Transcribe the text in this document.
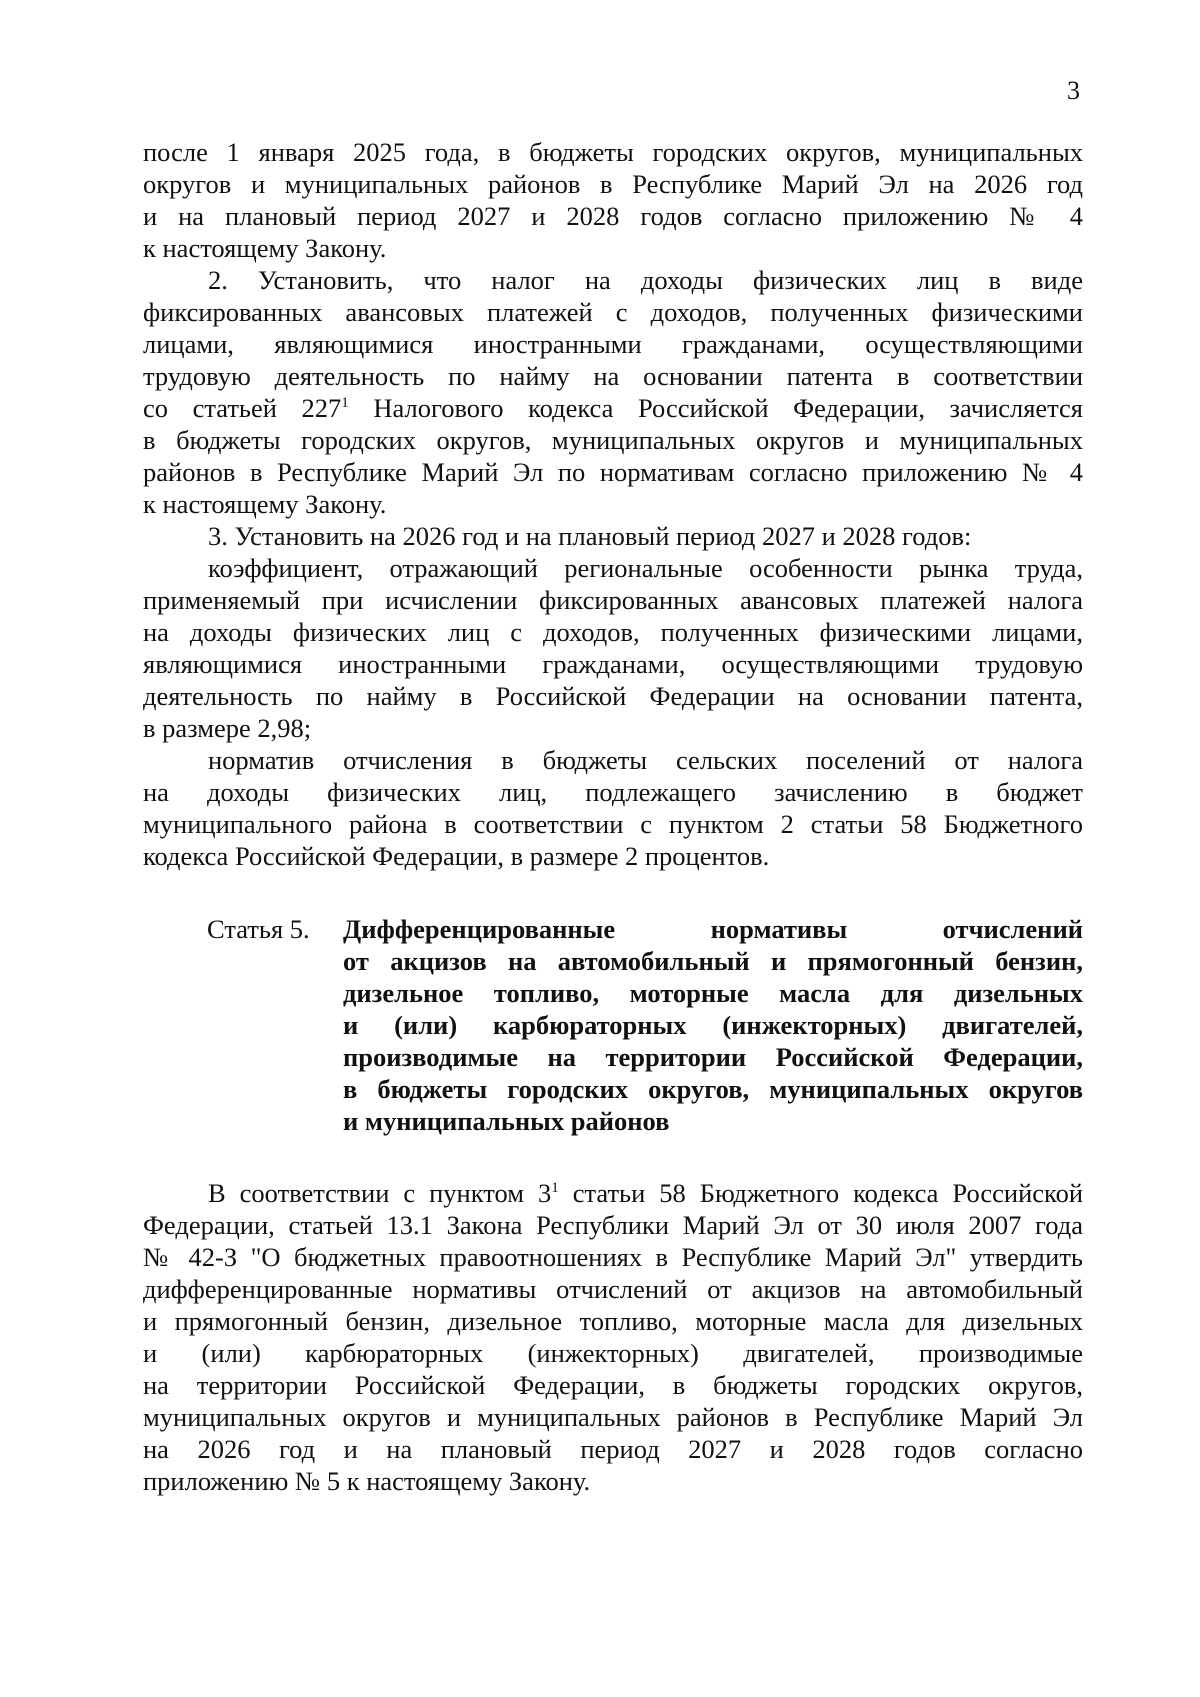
3
после 1 января 2025 года, в бюджеты городских округов, муниципальных
округов и муниципальных районов в Республике Марий Эл на 2026 год
и на плановый период 2027 и 2028 годов согласно приложению № 4
к настоящему Закону.
2. Установить, что налог на доходы физических лиц в виде
фиксированных авансовых платежей с доходов, полученных физическими
лицами, являющимися иностранными гражданами, осуществляющими
трудовую деятельность по найму на основании патента в соответствии
со статьей $227^1$ Налогового кодекса Российской Федерации, зачисляется
в бюджеты городских округов, муниципальных округов и муниципальных
районов в Республике Марий Эл по нормативам согласно приложению № 4
к настоящему Закону.
3. Установить на 2026 год и на плановый период 2027 и 2028 годов:
коэффициент, отражающий региональные особенности рынка труда,
применяемый при исчислении фиксированных авансовых платежей налога
на доходы физических лиц с доходов, полученных физическими лицами,
являющимися иностранными гражданами, осуществляющими трудовую
деятельность по найму в Российской Федерации на основании патента,
в размере 2,98;
норматив отчисления в бюджеты сельских поселений от налога
на доходы физических лиц, подлежащего зачислению в бюджет
муниципального района в соответствии с пунктом 2 статьи 58 Бюджетного
кодекса Российской Федерации, в размере 2 процентов.
Статья 5. Дифференцированные нормативы отчислений
от акцизов на автомобильный и прямогонный бензин,
дизельное топливо, моторные масла для дизельных
и (или) карбюраторных (инжекторных) двигателей,
производимые на территории Российской Федерации,
в бюджеты городских округов, муниципальных округов
и муниципальных районов
В соответствии с пунктом $3^1$ статьи 58 Бюджетного кодекса Российской
Федерации, статьей 13.1 Закона Республики Марий Эл от 30 июля 2007 года
№ 42-З "О бюджетных правоотношениях в Республике Марий Эл" утвердить
дифференцированные нормативы отчислений от акцизов на автомобильный
и прямогонный бензин, дизельное топливо, моторные масла для дизельных
и (или) карбюраторных (инжекторных) двигателей, производимые
на территории Российской Федерации, в бюджеты городских округов,
муниципальных округов и муниципальных районов в Республике Марий Эл
на 2026 год и на плановый период 2027 и 2028 годов согласно
приложению № 5 к настоящему Закону.
